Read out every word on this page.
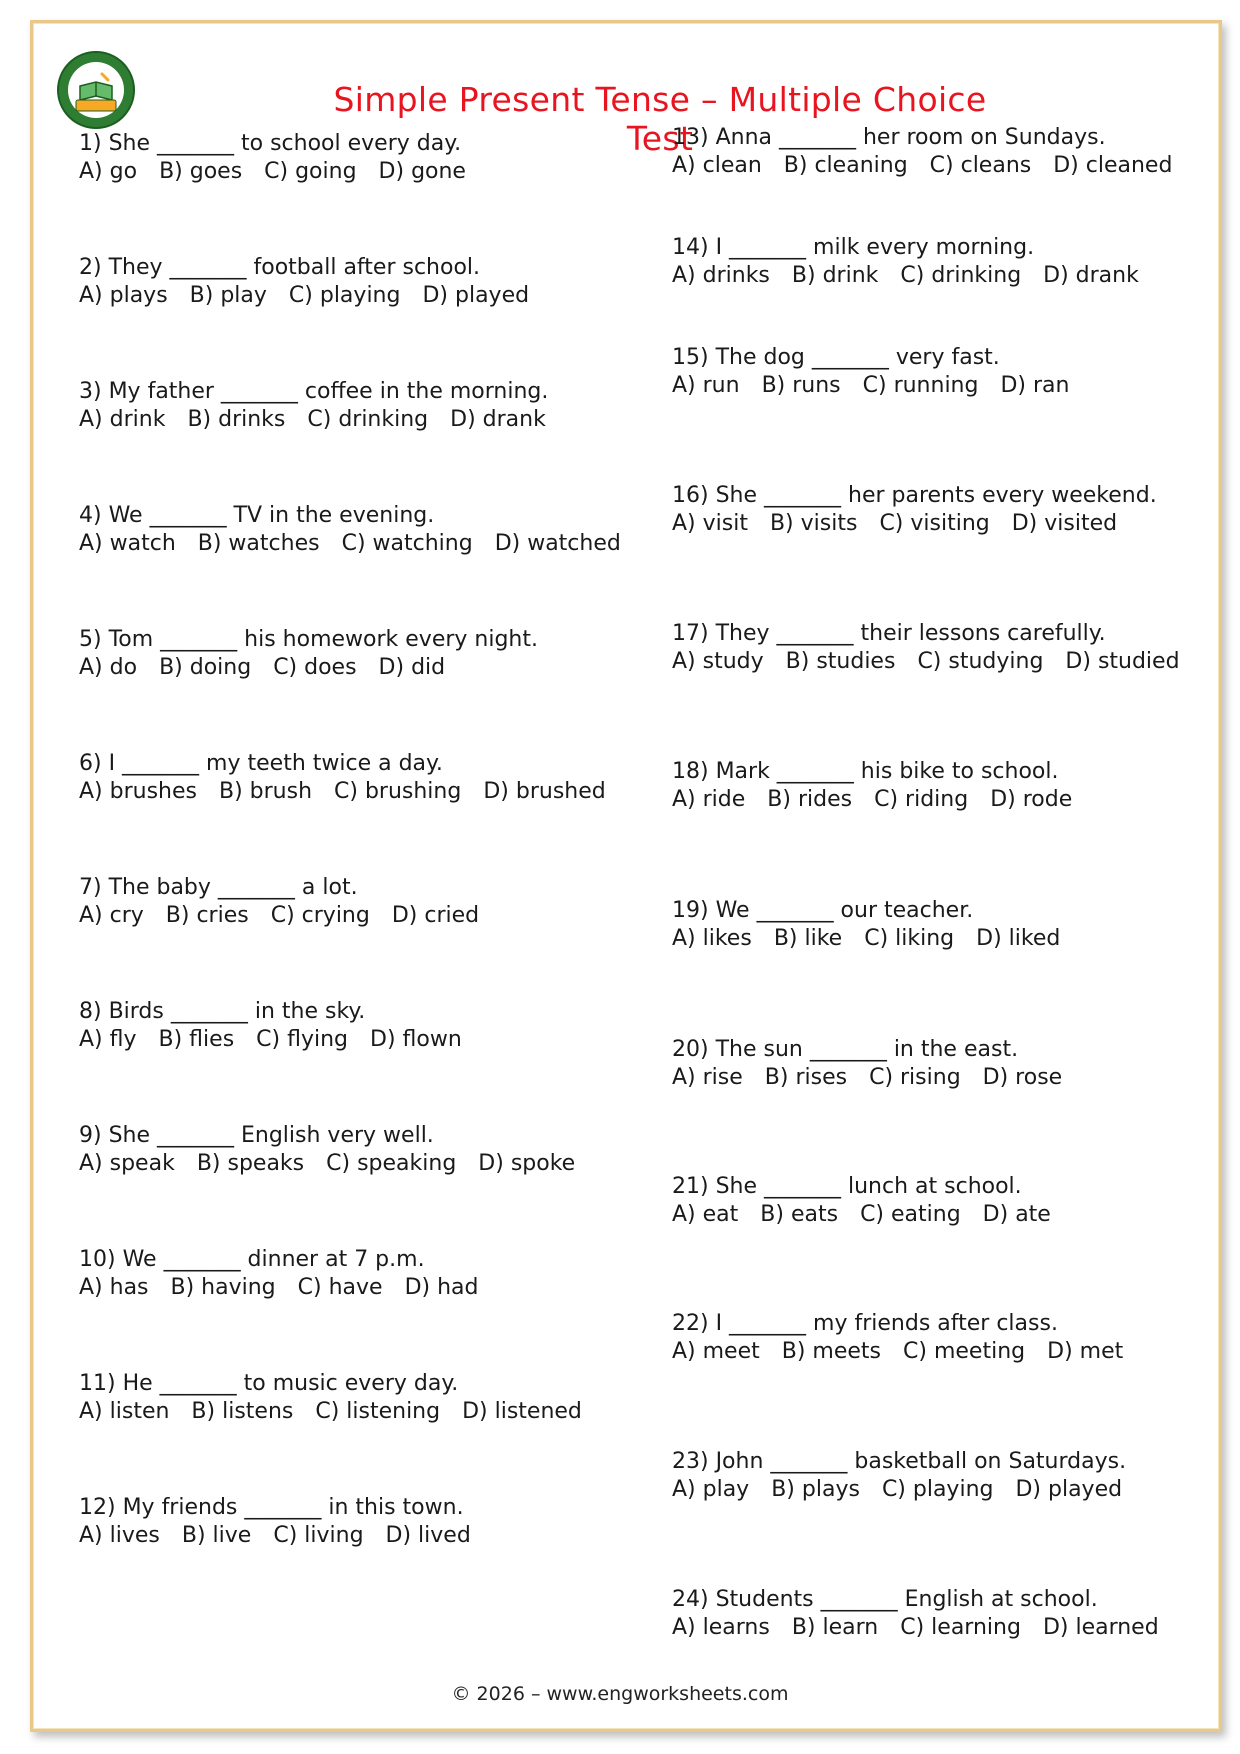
Simple Present Tense – Multiple Choice Test
1) She _______ to school every day.
A) go B) goes C) going D) gone
2) They _______ football after school.
A) plays B) play C) playing D) played
3) My father _______ coffee in the morning.
A) drink B) drinks C) drinking D) drank
4) We _______ TV in the evening.
A) watch B) watches C) watching D) watched
5) Tom _______ his homework every night.
A) do B) doing C) does D) did
6) I _______ my teeth twice a day.
A) brushes B) brush C) brushing D) brushed
7) The baby _______ a lot.
A) cry B) cries C) crying D) cried
8) Birds _______ in the sky.
A) fly B) flies C) flying D) flown
9) She _______ English very well.
A) speak B) speaks C) speaking D) spoke
10) We _______ dinner at 7 p.m.
A) has B) having C) have D) had
11) He _______ to music every day.
A) listen B) listens C) listening D) listened
12) My friends _______ in this town.
A) lives B) live C) living D) lived
13) Anna _______ her room on Sundays.
A) clean B) cleaning C) cleans D) cleaned
14) I _______ milk every morning.
A) drinks B) drink C) drinking D) drank
15) The dog _______ very fast.
A) run B) runs C) running D) ran
16) She _______ her parents every weekend.
A) visit B) visits C) visiting D) visited
17) They _______ their lessons carefully.
A) study B) studies C) studying D) studied
18) Mark _______ his bike to school.
A) ride B) rides C) riding D) rode
19) We _______ our teacher.
A) likes B) like C) liking D) liked
20) The sun _______ in the east.
A) rise B) rises C) rising D) rose
21) She _______ lunch at school.
A) eat B) eats C) eating D) ate
22) I _______ my friends after class.
A) meet B) meets C) meeting D) met
23) John _______ basketball on Saturdays.
A) play B) plays C) playing D) played
24) Students _______ English at school.
A) learns B) learn C) learning D) learned
© 2026 – www.engworksheets.com
